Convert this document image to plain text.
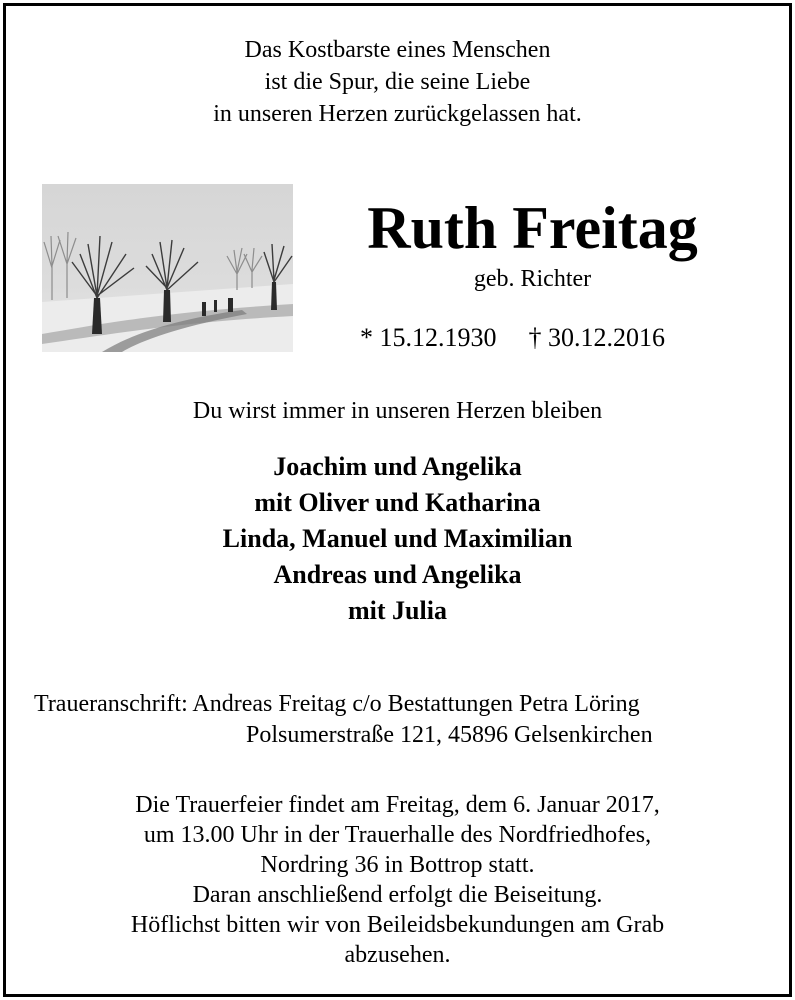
Das Kostbarste eines Menschen
ist die Spur, die seine Liebe
in unseren Herzen zurückgelassen hat.
Ruth Freitag
geb. Richter
* 15.12.1930 † 30.12.2016
Du wirst immer in unseren Herzen bleiben
Joachim und Angelika
mit Oliver und Katharina
Linda, Manuel und Maximilian
Andreas und Angelika
mit Julia
Traueranschrift: Andreas Freitag c/o Bestattungen Petra Löring
Polsumerstraße 121, 45896 Gelsenkirchen
Die Trauerfeier findet am Freitag, dem 6. Januar 2017,
um 13.00 Uhr in der Trauerhalle des Nordfriedhofes,
Nordring 36 in Bottrop statt.
Daran anschließend erfolgt die Beiseitung.
Höflichst bitten wir von Beileidsbekundungen am Grab
abzusehen.
